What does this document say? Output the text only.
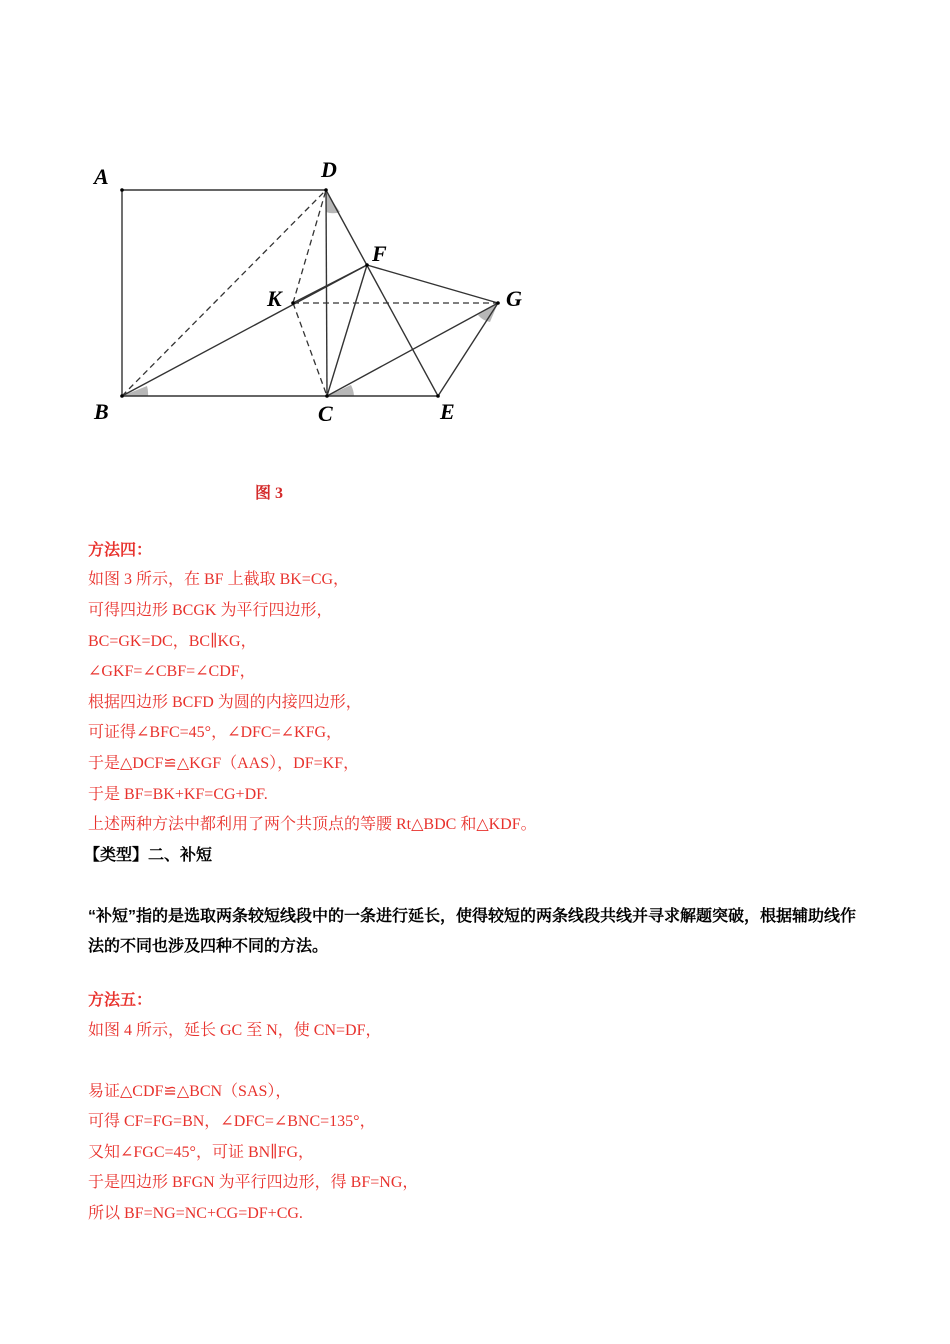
A	D
F
K	G
B	C	E
图 3
方法四：
如图 3 所示，在 BF 上截取 BK=CG，
可得四边形 BCGK 为平行四边形，
BC=GK=DC，BC∥KG，
∠GKF=∠CBF=∠CDF，
根据四边形 BCFD 为圆的内接四边形，
可证得∠BFC=45°，∠DFC=∠KFG，
于是△DCF≌△KGF（AAS），DF=KF，
于是 BF=BK+KF=CG+DF.
上述两种方法中都利用了两个共顶点的等腰 Rt△BDC 和△KDF。
【类型】二、补短
“补短”指的是选取两条较短线段中的一条进行延长，使得较短的两条线段共线并寻求解题突破，根据辅助线作法的不同也涉及四种不同的方法。
方法五：
如图 4 所示，延长 GC 至 N，使 CN=DF，
易证△CDF≌△BCN（SAS），
可得 CF=FG=BN，∠DFC=∠BNC=135°，
又知∠FGC=45°，可证 BN∥FG，
于是四边形 BFGN 为平行四边形，得 BF=NG，
所以 BF=NG=NC+CG=DF+CG.
